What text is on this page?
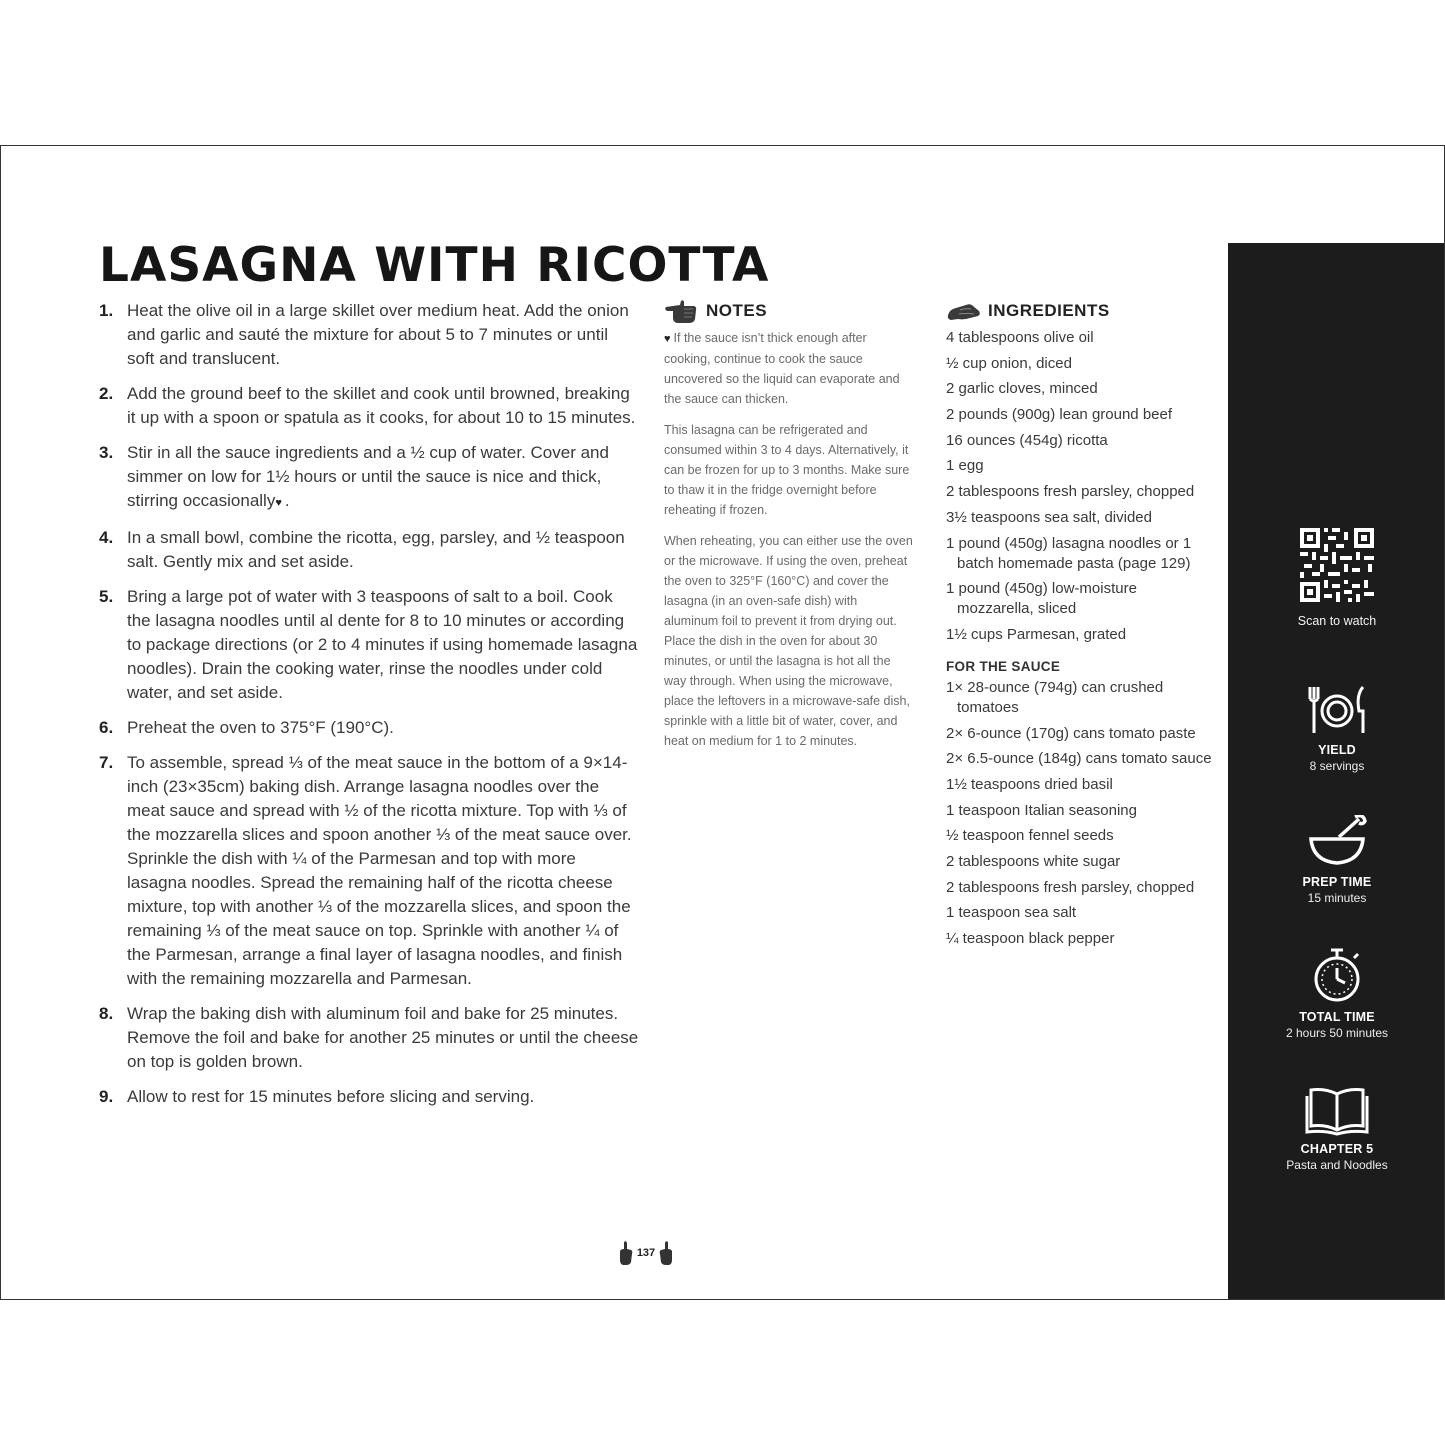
LASAGNA WITH RICOTTA
1. Heat the olive oil in a large skillet over medium heat. Add the onion and garlic and sauté the mixture for about 5 to 7 minutes or until soft and translucent.
2. Add the ground beef to the skillet and cook until browned, breaking it up with a spoon or spatula as it cooks, for about 10 to 15 minutes.
3. Stir in all the sauce ingredients and a ½ cup of water. Cover and simmer on low for 1½ hours or until the sauce is nice and thick, stirring occasionally♥ .
4. In a small bowl, combine the ricotta, egg, parsley, and ½ teaspoon salt. Gently mix and set aside.
5. Bring a large pot of water with 3 teaspoons of salt to a boil. Cook the lasagna noodles until al dente for 8 to 10 minutes or according to package directions (or 2 to 4 minutes if using homemade lasagna noodles). Drain the cooking water, rinse the noodles under cold water, and set aside.
6. Preheat the oven to 375°F (190°C).
7. To assemble, spread ⅓ of the meat sauce in the bottom of a 9×14-inch (23×35cm) baking dish. Arrange lasagna noodles over the meat sauce and spread with ½ of the ricotta mixture. Top with ⅓ of the mozzarella slices and spoon another ⅓ of the meat sauce over. Sprinkle the dish with ¼ of the Parmesan and top with more lasagna noodles. Spread the remaining half of the ricotta cheese mixture, top with another ⅓ of the mozzarella slices, and spoon the remaining ⅓ of the meat sauce on top. Sprinkle with another ¼ of the Parmesan, arrange a final layer of lasagna noodles, and finish with the remaining mozzarella and Parmesan.
8. Wrap the baking dish with aluminum foil and bake for 25 minutes. Remove the foil and bake for another 25 minutes or until the cheese on top is golden brown.
9. Allow to rest for 15 minutes before slicing and serving.
NOTES

♥ If the sauce isn’t thick enough after cooking, continue to cook the sauce uncovered so the liquid can evaporate and the sauce can thicken.

This lasagna can be refrigerated and consumed within 3 to 4 days. Alternatively, it can be frozen for up to 3 months. Make sure to thaw it in the fridge overnight before reheating if frozen.

When reheating, you can either use the oven or the microwave. If using the oven, preheat the oven to 325°F (160°C) and cover the lasagna (in an oven-safe dish) with aluminum foil to prevent it from drying out. Place the dish in the oven for about 30 minutes, or until the lasagna is hot all the way through. When using the microwave, place the leftovers in a microwave-safe dish, sprinkle with a little bit of water, cover, and heat on medium for 1 to 2 minutes.

INGREDIENTS
4 tablespoons olive oil
½ cup onion, diced
2 garlic cloves, minced
2 pounds (900g) lean ground beef
16 ounces (454g) ricotta
1 egg
2 tablespoons fresh parsley, chopped
3½ teaspoons sea salt, divided
1 pound (450g) lasagna noodles or 1 batch homemade pasta (page 129)
1 pound (450g) low-moisture mozzarella, sliced
1½ cups Parmesan, grated
FOR THE SAUCE
1× 28-ounce (794g) can crushed tomatoes
2× 6-ounce (170g) cans tomato paste
2× 6.5-ounce (184g) cans tomato sauce
1½ teaspoons dried basil
1 teaspoon Italian seasoning
½ teaspoon fennel seeds
2 tablespoons white sugar
2 tablespoons fresh parsley, chopped
1 teaspoon sea salt
¼ teaspoon black pepper
Scan to watch
YIELD
8 servings
PREP TIME
15 minutes
TOTAL TIME
2 hours 50 minutes
CHAPTER 5
Pasta and Noodles
137
